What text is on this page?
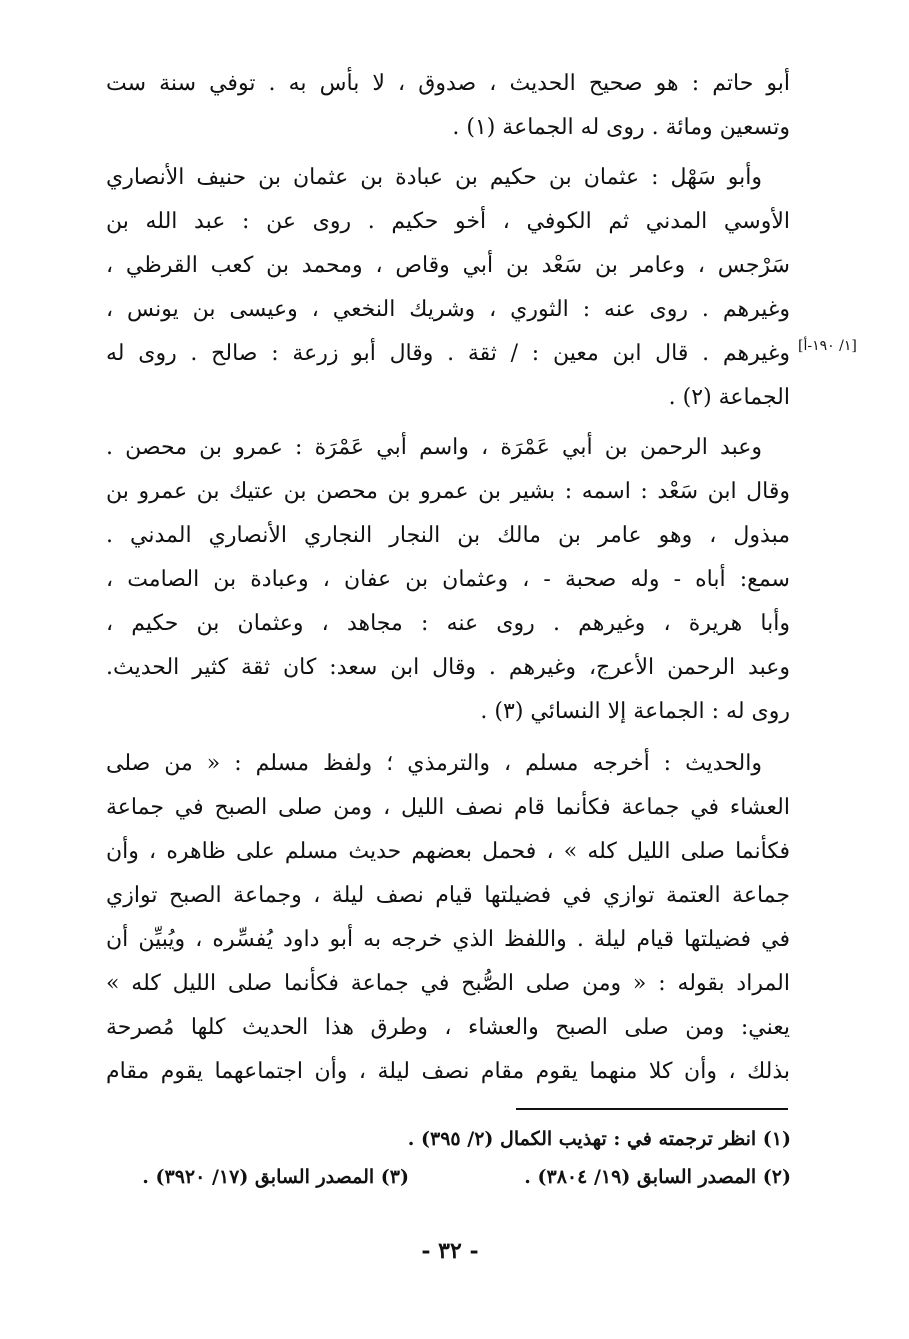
أبو حاتم : هو صحيح الحديث ، صدوق ، لا بأس به . توفي سنة ست
وتسعين ومائة . روى له الجماعة (١) .
وأبو سَهْل : عثمان بن حكيم بن عبادة بن عثمان بن حنيف الأنصاري
الأوسي المدني ثم الكوفي ، أخو حكيم . روى عن : عبد الله بن
سَرْجس ، وعامر بن سَعْد بن أبي وقاص ، ومحمد بن كعب القرظي ،
وغيرهم . روى عنه : الثوري ، وشريك النخعي ، وعيسى بن يونس ،
وغيرهم . قال ابن معين : / ثقة . وقال أبو زرعة : صالح . روى له
الجماعة (٢) .
[١/ ١٩٠-أ]
وعبد الرحمن بن أبي عَمْرَة ، واسم أبي عَمْرَة : عمرو بن محصن .
وقال ابن سَعْد : اسمه : بشير بن عمرو بن محصن بن عتيك بن عمرو بن
مبذول ، وهو عامر بن مالك بن النجار النجاري الأنصاري المدني .
سمع: أباه - وله صحبة - ، وعثمان بن عفان ، وعبادة بن الصامت ،
وأبا هريرة ، وغيرهم . روى عنه : مجاهد ، وعثمان بن حكيم ،
وعبد الرحمن الأعرج، وغيرهم . وقال ابن سعد: كان ثقة كثير الحديث.
روى له : الجماعة إلا النسائي (٣) .
والحديث : أخرجه مسلم ، والترمذي ؛ ولفظ مسلم : « من صلى
العشاء في جماعة فكأنما قام نصف الليل ، ومن صلى الصبح في جماعة
فكأنما صلى الليل كله » ، فحمل بعضهم حديث مسلم على ظاهره ، وأن
جماعة العتمة توازي في فضيلتها قيام نصف ليلة ، وجماعة الصبح توازي
في فضيلتها قيام ليلة . واللفظ الذي خرجه به أبو داود يُفسِّره ، ويُبيِّن أن
المراد بقوله : « ومن صلى الصُّبح في جماعة فكأنما صلى الليل كله »
يعني: ومن صلى الصبح والعشاء ، وطرق هذا الحديث كلها مُصرحة
بذلك ، وأن كلا منهما يقوم مقام نصف ليلة ، وأن اجتماعهما يقوم مقام
(١) انظر ترجمته في : تهذيب الكمال (٢/ ٣٩٥) .
(٢) المصدر السابق (١٩/ ٣٨٠٤) .
(٣) المصدر السابق (١٧/ ٣٩٢٠) .
- ٣٢ -
